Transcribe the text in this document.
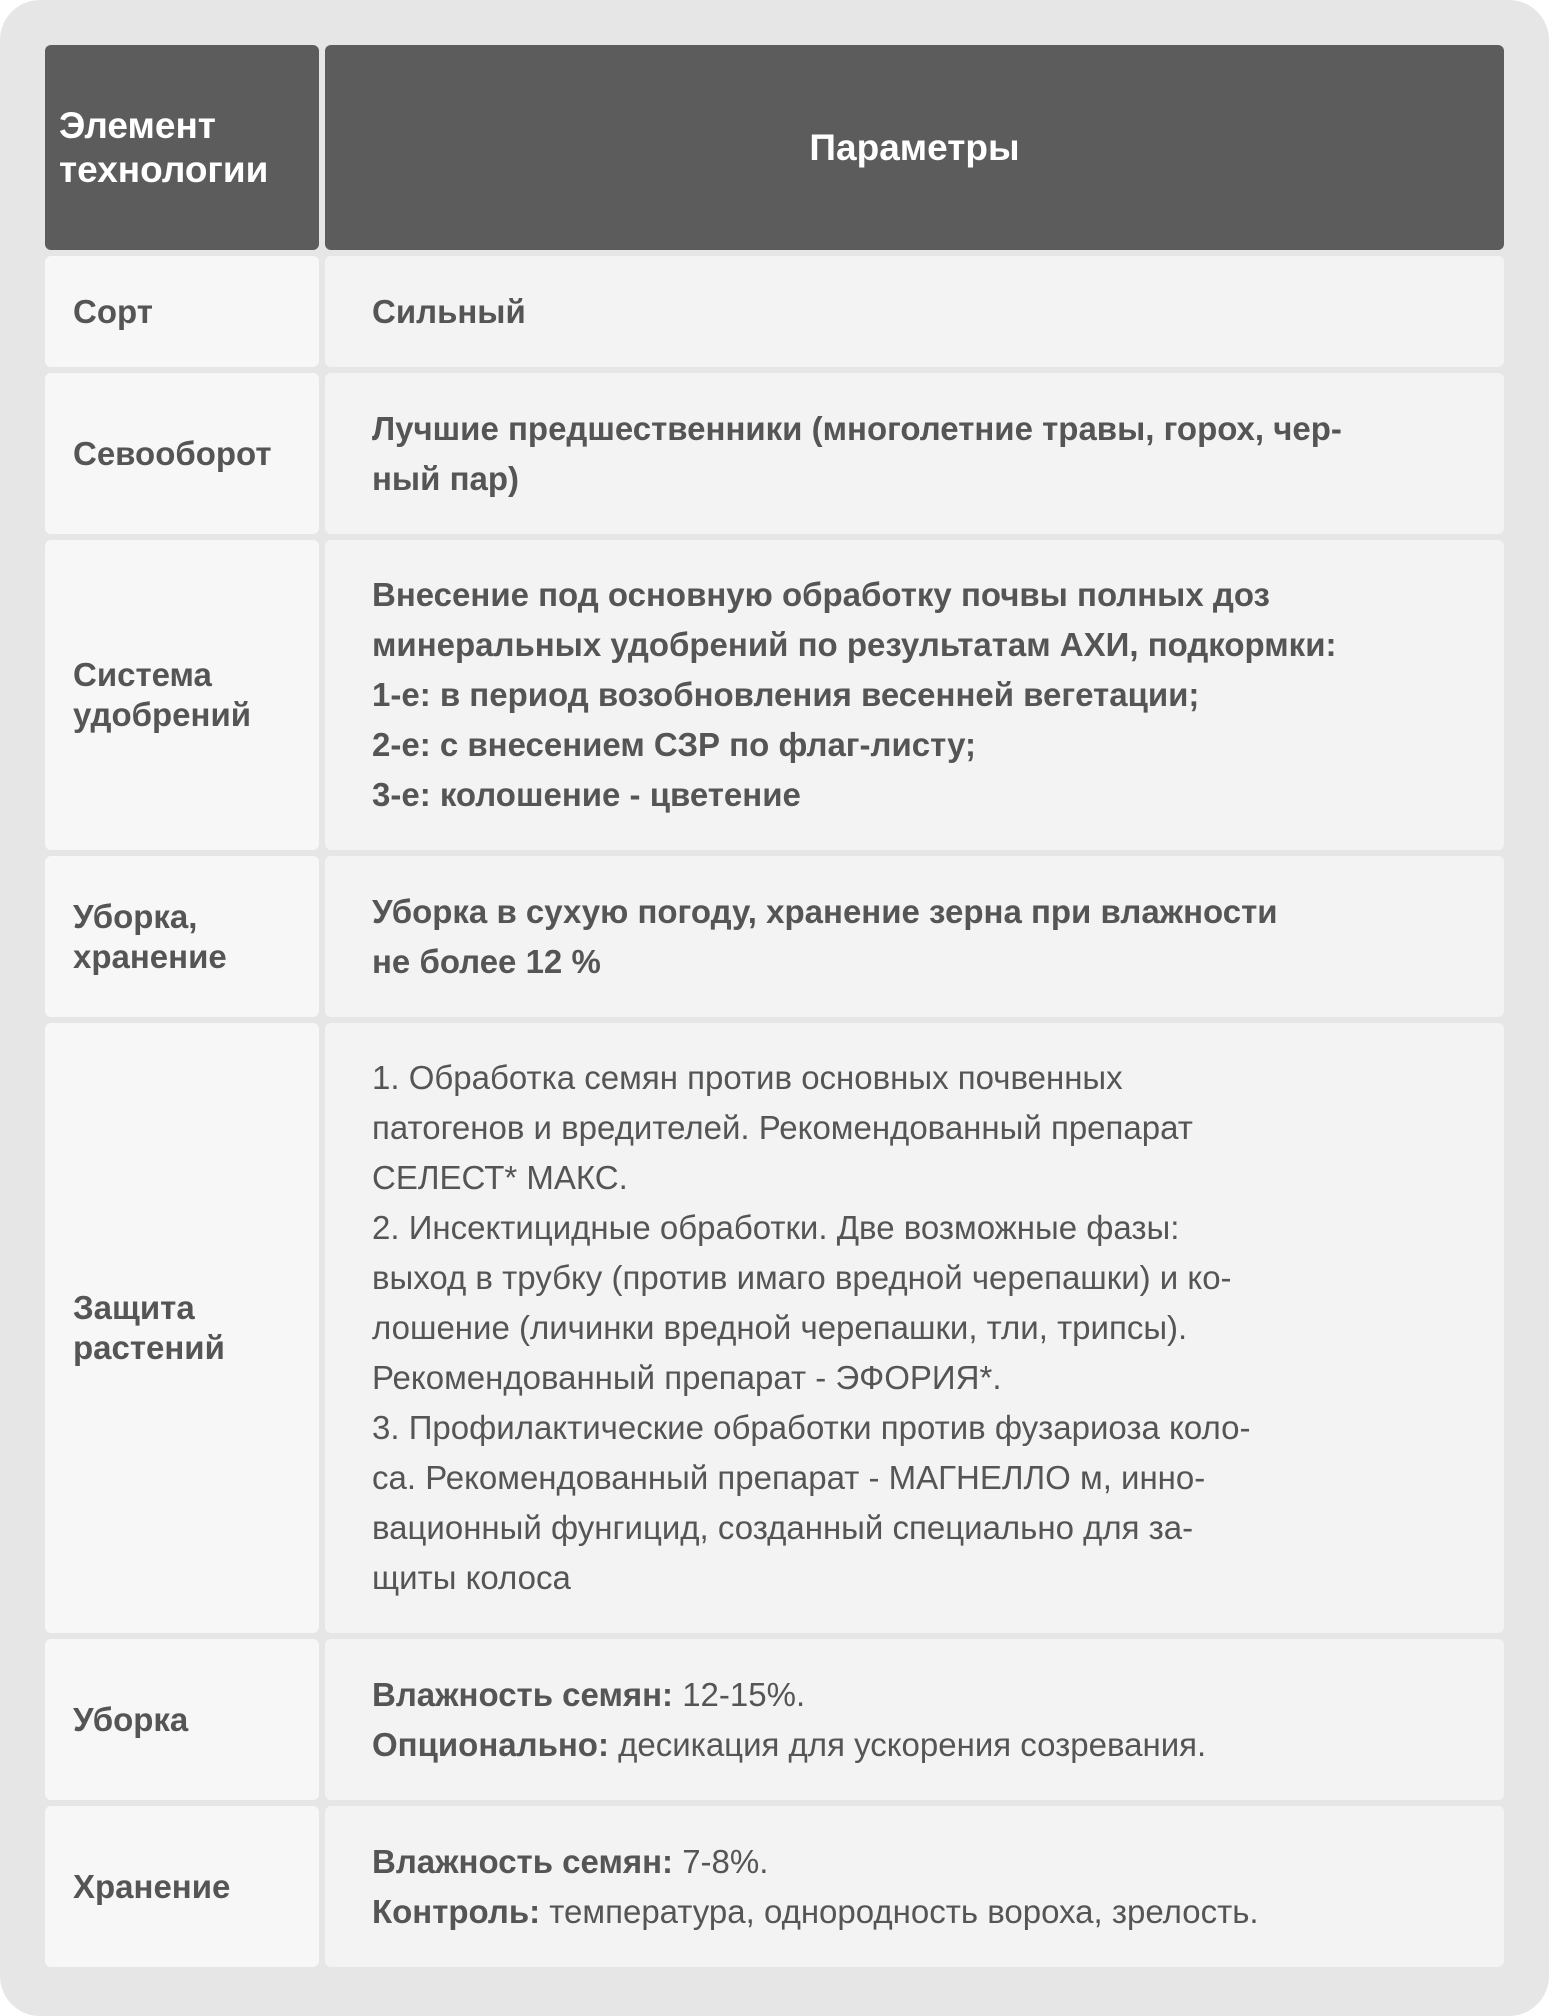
Элемент
технологии
Параметры
Сорт	Сильный
Севооборот
Лучшие предшественники (многолетние травы, горох, чер-
ный пар)
Система
удобрений
Внесение под основную обработку почвы полных доз
минеральных удобрений по результатам АХИ, подкормки:
1-е: в период возобновления весенней вегетации;
2-е: с внесением СЗР по флаг-листу;
3-е: колошение - цветение
Уборка,
хранение
Уборка в сухую погоду, хранение зерна при влажности
не более 12 %
Защита
растений
1. Обработка семян против основных почвенных
патогенов и вредителей. Рекомендованный препарат
СЕЛЕСТ* МАКС.
2. Инсектицидные обработки. Две возможные фазы:
выход в трубку (против имаго вредной черепашки) и ко-
лошение (личинки вредной черепашки, тли, трипсы).
Рекомендованный препарат - ЭФОРИЯ*.
3. Профилактические обработки против фузариоза коло-
са. Рекомендованный препарат - МАГНЕЛЛО м, инно-
вационный фунгицид, созданный специально для за-
щиты колоса
Уборка
Влажность семян: 12-15%.
Опционально: десикация для ускорения созревания.
Хранение
Влажность семян: 7-8%.
Контроль: температура, однородность вороха, зрелость.
